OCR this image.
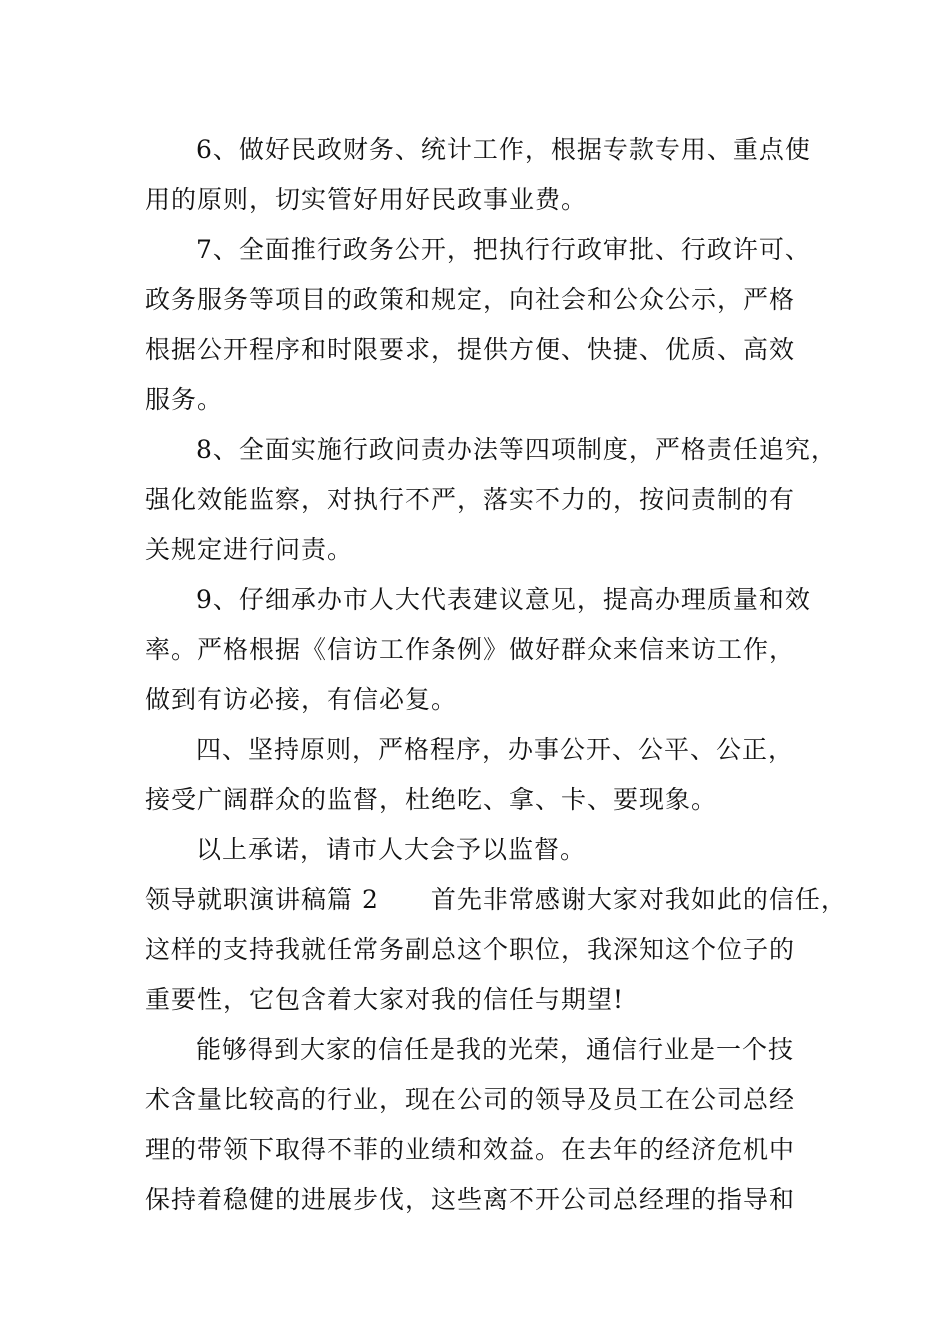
6、做好民政财务、统计工作，根据专款专用、重点使
用的原则，切实管好用好民政事业费。
7、全面推行政务公开，把执行行政审批、行政许可、
政务服务等项目的政策和规定，向社会和公众公示，严格
根据公开程序和时限要求，提供方便、快捷、优质、高效
服务。
8、全面实施行政问责办法等四项制度，严格责任追究，
强化效能监察，对执行不严，落实不力的，按问责制的有
关规定进行问责。
9、仔细承办市人大代表建议意见，提高办理质量和效
率。严格根据《信访工作条例》做好群众来信来访工作，
做到有访必接，有信必复。
四、坚持原则，严格程序，办事公开、公平、公正，
接受广阔群众的监督，杜绝吃、拿、卡、要现象。
以上承诺，请市人大会予以监督。
领导就职演讲稿篇 2 首先非常感谢大家对我如此的信任，
这样的支持我就任常务副总这个职位，我深知这个位子的
重要性，它包含着大家对我的信任与期望!
能够得到大家的信任是我的光荣，通信行业是一个技
术含量比较高的行业，现在公司的领导及员工在公司总经
理的带领下取得不菲的业绩和效益。在去年的经济危机中
保持着稳健的进展步伐，这些离不开公司总经理的指导和
